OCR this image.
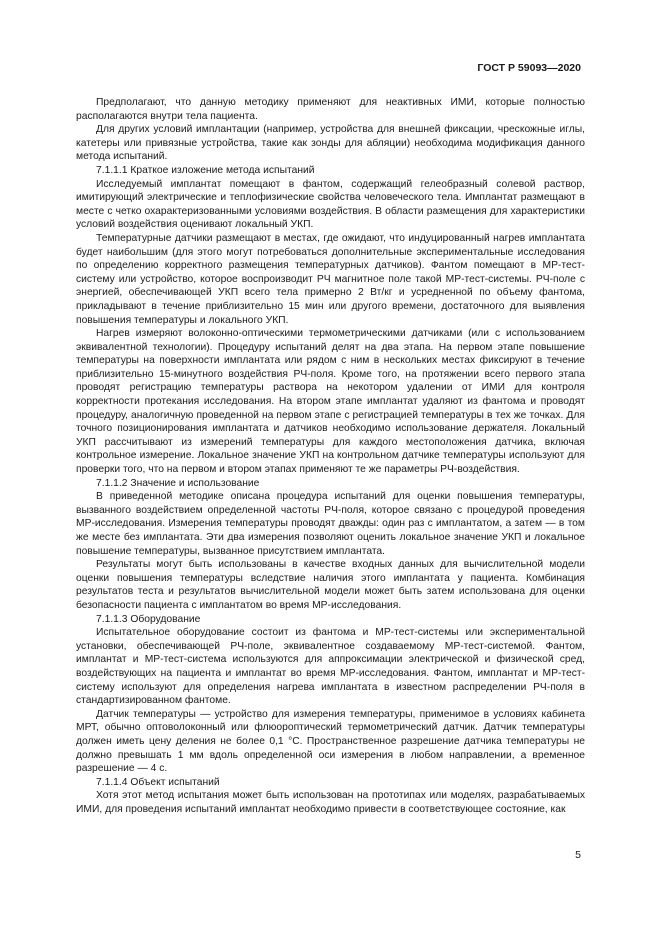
ГОСТ Р 59093—2020

Предполагают, что данную методику применяют для неактивных ИМИ, которые полностью располагаются внутри тела пациента.

Для других условий имплантации (например, устройства для внешней фиксации, чрескожные иглы, катетеры или привязные устройства, такие как зонды для абляции) необходима модификация данного метода испытаний.

7.1.1.1 Краткое изложение метода испытаний

Исследуемый имплантат помещают в фантом, содержащий гелеобразный солевой раствор, имитирующий электрические и теплофизические свойства человеческого тела. Имплантат размещают в месте с четко охарактеризованными условиями воздействия. В области размещения для характеристики условий воздействия оценивают локальный УКП.

Температурные датчики размещают в местах, где ожидают, что индуцированный нагрев имплантата будет наибольшим (для этого могут потребоваться дополнительные экспериментальные исследования по определению корректного размещения температурных датчиков). Фантом помещают в МР-тест-систему или устройство, которое воспроизводит РЧ магнитное поле такой МР-тест-системы. РЧ-поле с энергией, обеспечивающей УКП всего тела примерно 2 Вт/кг и усредненной по объему фантома, прикладывают в течение приблизительно 15 мин или другого времени, достаточного для выявления повышения температуры и локального УКП.

Нагрев измеряют волоконно-оптическими термометрическими датчиками (или с использованием эквивалентной технологии). Процедуру испытаний делят на два этапа. На первом этапе повышение температуры на поверхности имплантата или рядом с ним в нескольких местах фиксируют в течение приблизительно 15-минутного воздействия РЧ-поля. Кроме того, на протяжении всего первого этапа проводят регистрацию температуры раствора на некотором удалении от ИМИ для контроля корректности протекания исследования. На втором этапе имплантат удаляют из фантома и проводят процедуру, аналогичную проведенной на первом этапе с регистрацией температуры в тех же точках. Для точного позиционирования имплантата и датчиков необходимо использование держателя. Локальный УКП рассчитывают из измерений температуры для каждого местоположения датчика, включая контрольное измерение. Локальное значение УКП на контрольном датчике температуры используют для проверки того, что на первом и втором этапах применяют те же параметры РЧ-воздействия.

7.1.1.2 Значение и использование

В приведенной методике описана процедура испытаний для оценки повышения температуры, вызванного воздействием определенной частоты РЧ-поля, которое связано с процедурой проведения МР-исследования. Измерения температуры проводят дважды: один раз с имплантатом, а затем — в том же месте без имплантата. Эти два измерения позволяют оценить локальное значение УКП и локальное повышение температуры, вызванное присутствием имплантата.

Результаты могут быть использованы в качестве входных данных для вычислительной модели оценки повышения температуры вследствие наличия этого имплантата у пациента. Комбинация результатов теста и результатов вычислительной модели может быть затем использована для оценки безопасности пациента с имплантатом во время МР-исследования.

7.1.1.3 Оборудование

Испытательное оборудование состоит из фантома и МР-тест-системы или экспериментальной установки, обеспечивающей РЧ-поле, эквивалентное создаваемому МР-тест-системой. Фантом, имплантат и МР-тест-система используются для аппроксимации электрической и физической сред, воздействующих на пациента и имплантат во время МР-исследования. Фантом, имплантат и МР-тест-систему используют для определения нагрева имплантата в известном распределении РЧ-поля в стандартизированном фантоме.

Датчик температуры — устройство для измерения температуры, применимое в условиях кабинета МРТ, обычно оптоволоконный или флюороптический термометрический датчик. Датчик температуры должен иметь цену деления не более 0,1 °С. Пространственное разрешение датчика температуры не должно превышать 1 мм вдоль определенной оси измерения в любом направлении, а временное разрешение — 4 с.

7.1.1.4 Объект испытаний

Хотя этот метод испытания может быть использован на прототипах или моделях, разрабатываемых ИМИ, для проведения испытаний имплантат необходимо привести в соответствующее состояние, как

5
